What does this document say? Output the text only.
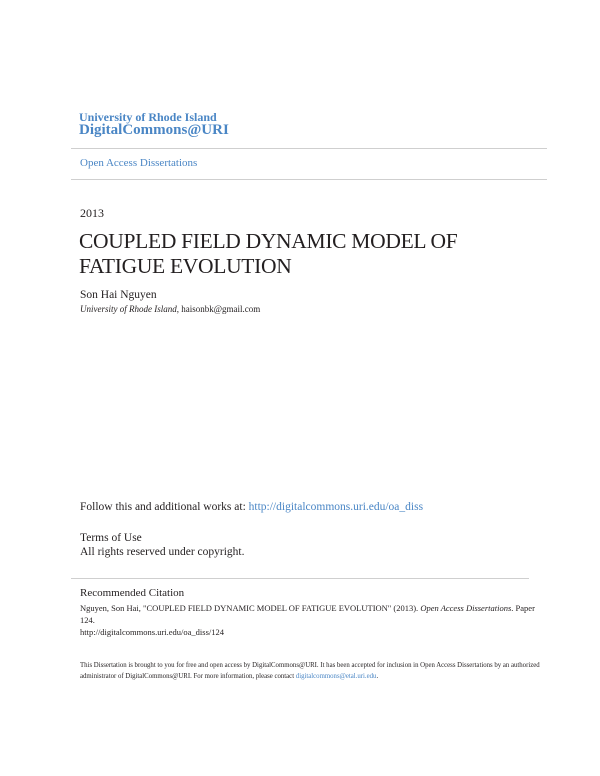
University of Rhode Island
DigitalCommons@URI
Open Access Dissertations
2013
COUPLED FIELD DYNAMIC MODEL OF FATIGUE EVOLUTION
Son Hai Nguyen
University of Rhode Island, haisonbk@gmail.com
Follow this and additional works at: http://digitalcommons.uri.edu/oa_diss
Terms of Use
All rights reserved under copyright.
Recommended Citation
Nguyen, Son Hai, "COUPLED FIELD DYNAMIC MODEL OF FATIGUE EVOLUTION" (2013). Open Access Dissertations. Paper 124.
http://digitalcommons.uri.edu/oa_diss/124
This Dissertation is brought to you for free and open access by DigitalCommons@URI. It has been accepted for inclusion in Open Access Dissertations by an authorized administrator of DigitalCommons@URI. For more information, please contact digitalcommons@etal.uri.edu.
